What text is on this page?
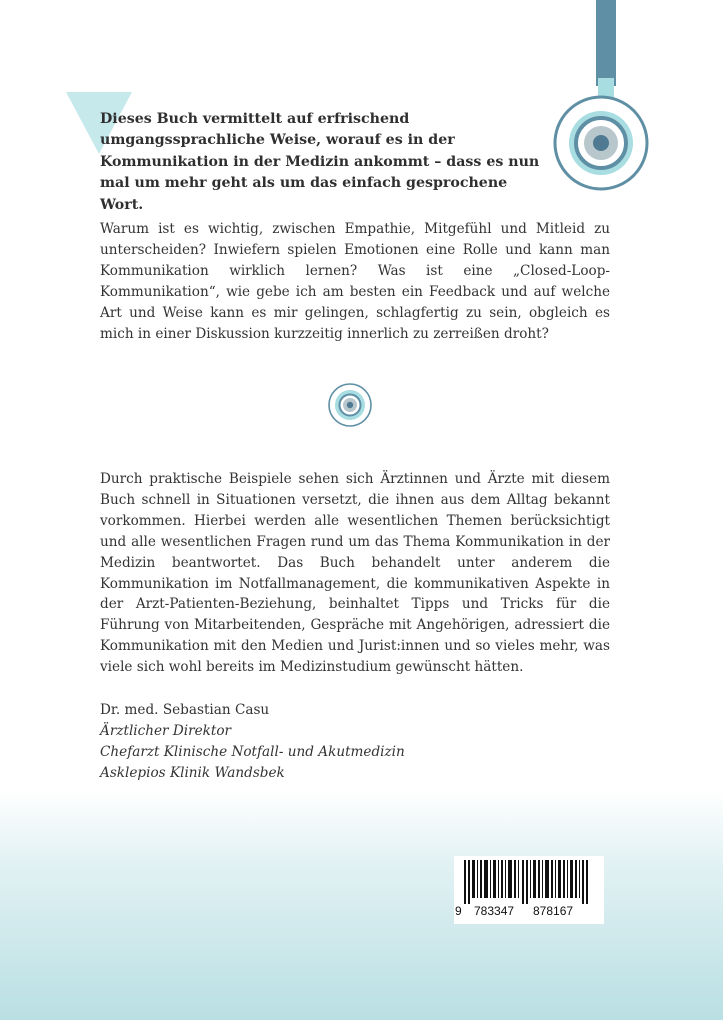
Dieses Buch vermittelt auf erfrischend umgangssprachliche Weise, worauf es in der Kommunikation in der Medizin ankommt – dass es nun mal um mehr geht als um das einfach gesprochene Wort.

Warum ist es wichtig, zwischen Empathie, Mitgefühl und Mitleid zu unterscheiden? Inwiefern spielen Emotionen eine Rolle und kann man Kommunikation wirklich lernen? Was ist eine „Closed-Loop-Kommunikation“, wie gebe ich am besten ein Feedback und auf welche Art und Weise kann es mir gelingen, schlagfertig zu sein, obgleich es mich in einer Diskussion kurzzeitig innerlich zu zerreißen droht?

Durch praktische Beispiele sehen sich Ärztinnen und Ärzte mit diesem Buch schnell in Situationen versetzt, die ihnen aus dem Alltag bekannt vorkommen. Hierbei werden alle wesentlichen Themen berücksichtigt und alle wesentlichen Fragen rund um das Thema Kommunikation in der Medizin beantwortet. Das Buch behandelt unter anderem die Kommunikation im Notfallmanagement, die kommunikativen Aspekte in der Arzt-Patienten-Beziehung, beinhaltet Tipps und Tricks für die Führung von Mitarbeitenden, Gespräche mit Angehörigen, adressiert die Kommunikation mit den Medien und Jurist:innen und so vieles mehr, was viele sich wohl bereits im Medizinstudium gewünscht hätten.

Dr. med. Sebastian Casu
Ärztlicher Direktor
Chefarzt Klinische Notfall- und Akutmedizin
Asklepios Klinik Wandsbek
9 783347 878167
